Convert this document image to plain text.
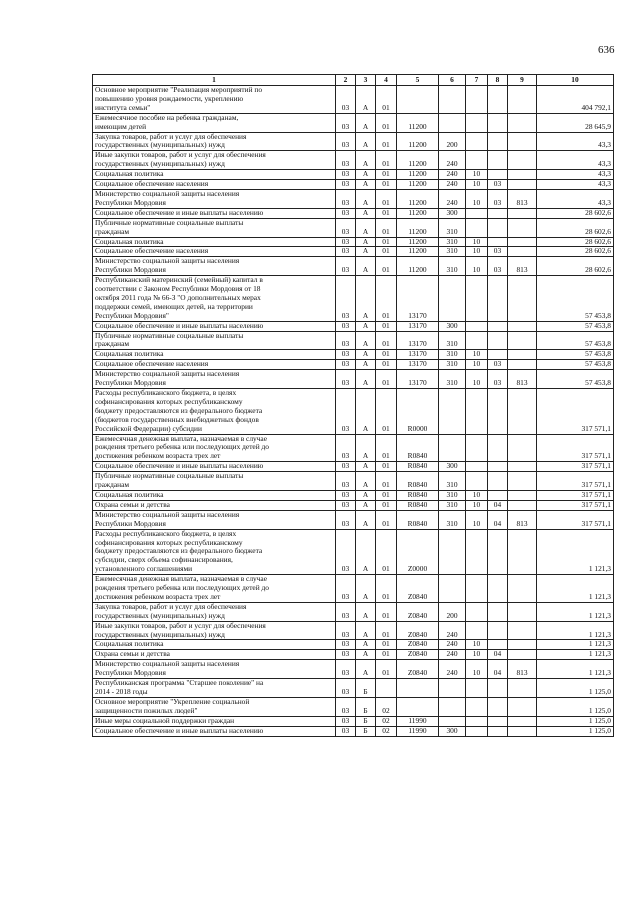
636
1	2	3	4	5	6	7	8	9	10
Основное мероприятие "Реализация мероприятий по
повышению уровня рождаемости, укреплению
института семьи"	03	А	01						404 792,1
Ежемесячное пособие на ребенка гражданам,
имеющим детей	03	А	01	11200					28 645,9
Закупка товаров, работ и услуг для обеспечения
государственных (муниципальных) нужд	03	А	01	11200	200				43,3
Иные закупки товаров, работ и услуг для обеспечения
государственных (муниципальных) нужд	03	А	01	11200	240				43,3
Социальная политика	03	А	01	11200	240	10			43,3
Социальное обеспечение населения	03	А	01	11200	240	10	03		43,3
Министерство социальной защиты населения
Республики Мордовия	03	А	01	11200	240	10	03	813	43,3
Социальное обеспечение и иные выплаты населению	03	А	01	11200	300				28 602,6
Публичные нормативные социальные выплаты
гражданам	03	А	01	11200	310				28 602,6
Социальная политика	03	А	01	11200	310	10			28 602,6
Социальное обеспечение населения	03	А	01	11200	310	10	03		28 602,6
Министерство социальной защиты населения
Республики Мордовия	03	А	01	11200	310	10	03	813	28 602,6
Республиканский материнский (семейный) капитал в
соответствии с Законом Республики Мордовия от 18
октября 2011 года № 66-З "О дополнительных мерах
поддержки семей, имеющих детей, на территории
Республики Мордовия"	03	А	01	13170					57 453,8
Социальное обеспечение и иные выплаты населению	03	А	01	13170	300				57 453,8
Публичные нормативные социальные выплаты
гражданам	03	А	01	13170	310				57 453,8
Социальная политика	03	А	01	13170	310	10			57 453,8
Социальное обеспечение населения	03	А	01	13170	310	10	03		57 453,8
Министерство социальной защиты населения
Республики Мордовия	03	А	01	13170	310	10	03	813	57 453,8
Расходы республиканского бюджета, в целях
софинансирования которых республиканскому
бюджету предоставляются из федерального бюджета
(бюджетов государственных внебюджетных фондов
Российской Федерации) субсидии	03	А	01	R0000					317 571,1
Ежемесячная денежная выплата, назначаемая в случае
рождения третьего ребенка или последующих детей до
достижения ребенком возраста трех лет	03	А	01	R0840					317 571,1
Социальное обеспечение и иные выплаты населению	03	А	01	R0840	300				317 571,1
Публичные нормативные социальные выплаты
гражданам	03	А	01	R0840	310				317 571,1
Социальная политика	03	А	01	R0840	310	10			317 571,1
Охрана семьи и детства	03	А	01	R0840	310	10	04		317 571,1
Министерство социальной защиты населения
Республики Мордовия	03	А	01	R0840	310	10	04	813	317 571,1
Расходы республиканского бюджета, в целях
софинансирования которых республиканскому
бюджету предоставляются из федерального бюджета
субсидии, сверх объема софинансирования,
установленного соглашениями	03	А	01	Z0000					1 121,3
Ежемесячная денежная выплата, назначаемая в случае
рождения третьего ребенка или последующих детей до
достижения ребенком возраста трех лет	03	А	01	Z0840					1 121,3
Закупка товаров, работ и услуг для обеспечения
государственных (муниципальных) нужд	03	А	01	Z0840	200				1 121,3
Иные закупки товаров, работ и услуг для обеспечения
государственных (муниципальных) нужд	03	А	01	Z0840	240				1 121,3
Социальная политика	03	А	01	Z0840	240	10			1 121,3
Охрана семьи и детства	03	А	01	Z0840	240	10	04		1 121,3
Министерство социальной защиты населения
Республики Мордовия	03	А	01	Z0840	240	10	04	813	1 121,3
Республиканская программа "Старшее поколение" на
2014 - 2018 годы	03	Б							1 125,0
Основное мероприятие "Укрепление социальной
защищенности пожилых людей"	03	Б	02						1 125,0
Иные меры социальной поддержки граждан	03	Б	02	11990					1 125,0
Социальное обеспечение и иные выплаты населению	03	Б	02	11990	300				1 125,0
